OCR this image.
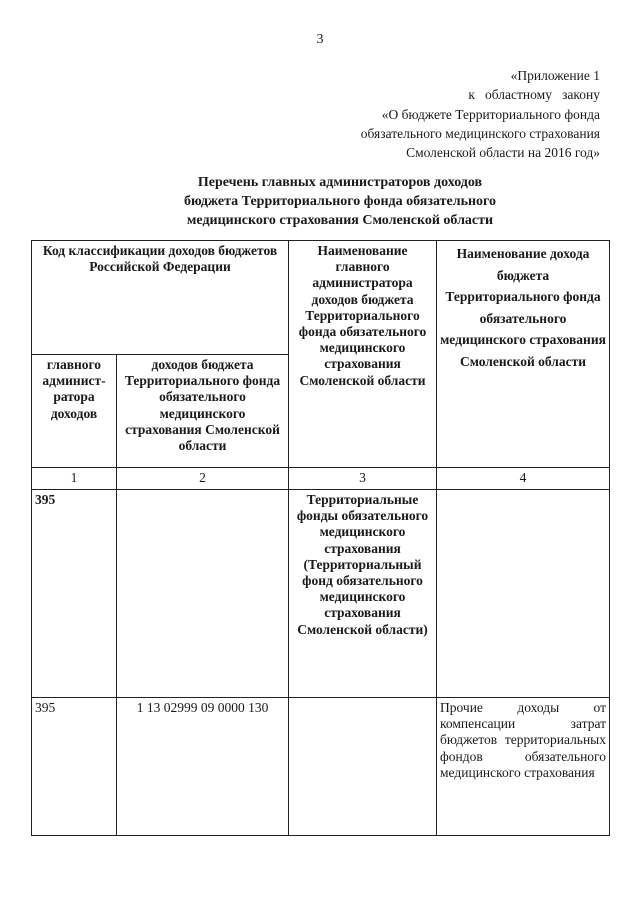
3
«Приложение 1
к   областному   закону
«О бюджете Территориального фонда
обязательного медицинского страхования
Смоленской области на 2016 год»
Перечень главных администраторов доходов
бюджета Территориального фонда обязательного
медицинского страхования Смоленской области
Код классификации доходов бюджетов Российской Федерации		Наименование главного администратора доходов бюджета Территориального фонда обязательного медицинского страхования Смоленской области	Наименование дохода бюджета Территориального фонда обязательного медицинского страхования Смоленской области
главного админист-ратора доходов	доходов бюджета Территориального фонда обязательного медицинского страхования Смоленской области		
1	2	3	4
395		Территориальные фонды обязательного медицинского страхования (Территориальный фонд обязательного медицинского страхования Смоленской области)	
395	1 13 02999 09 0000 130		Прочие доходы от компенсации затрат бюджетов территориальных фондов обязательного медицинского страхования
